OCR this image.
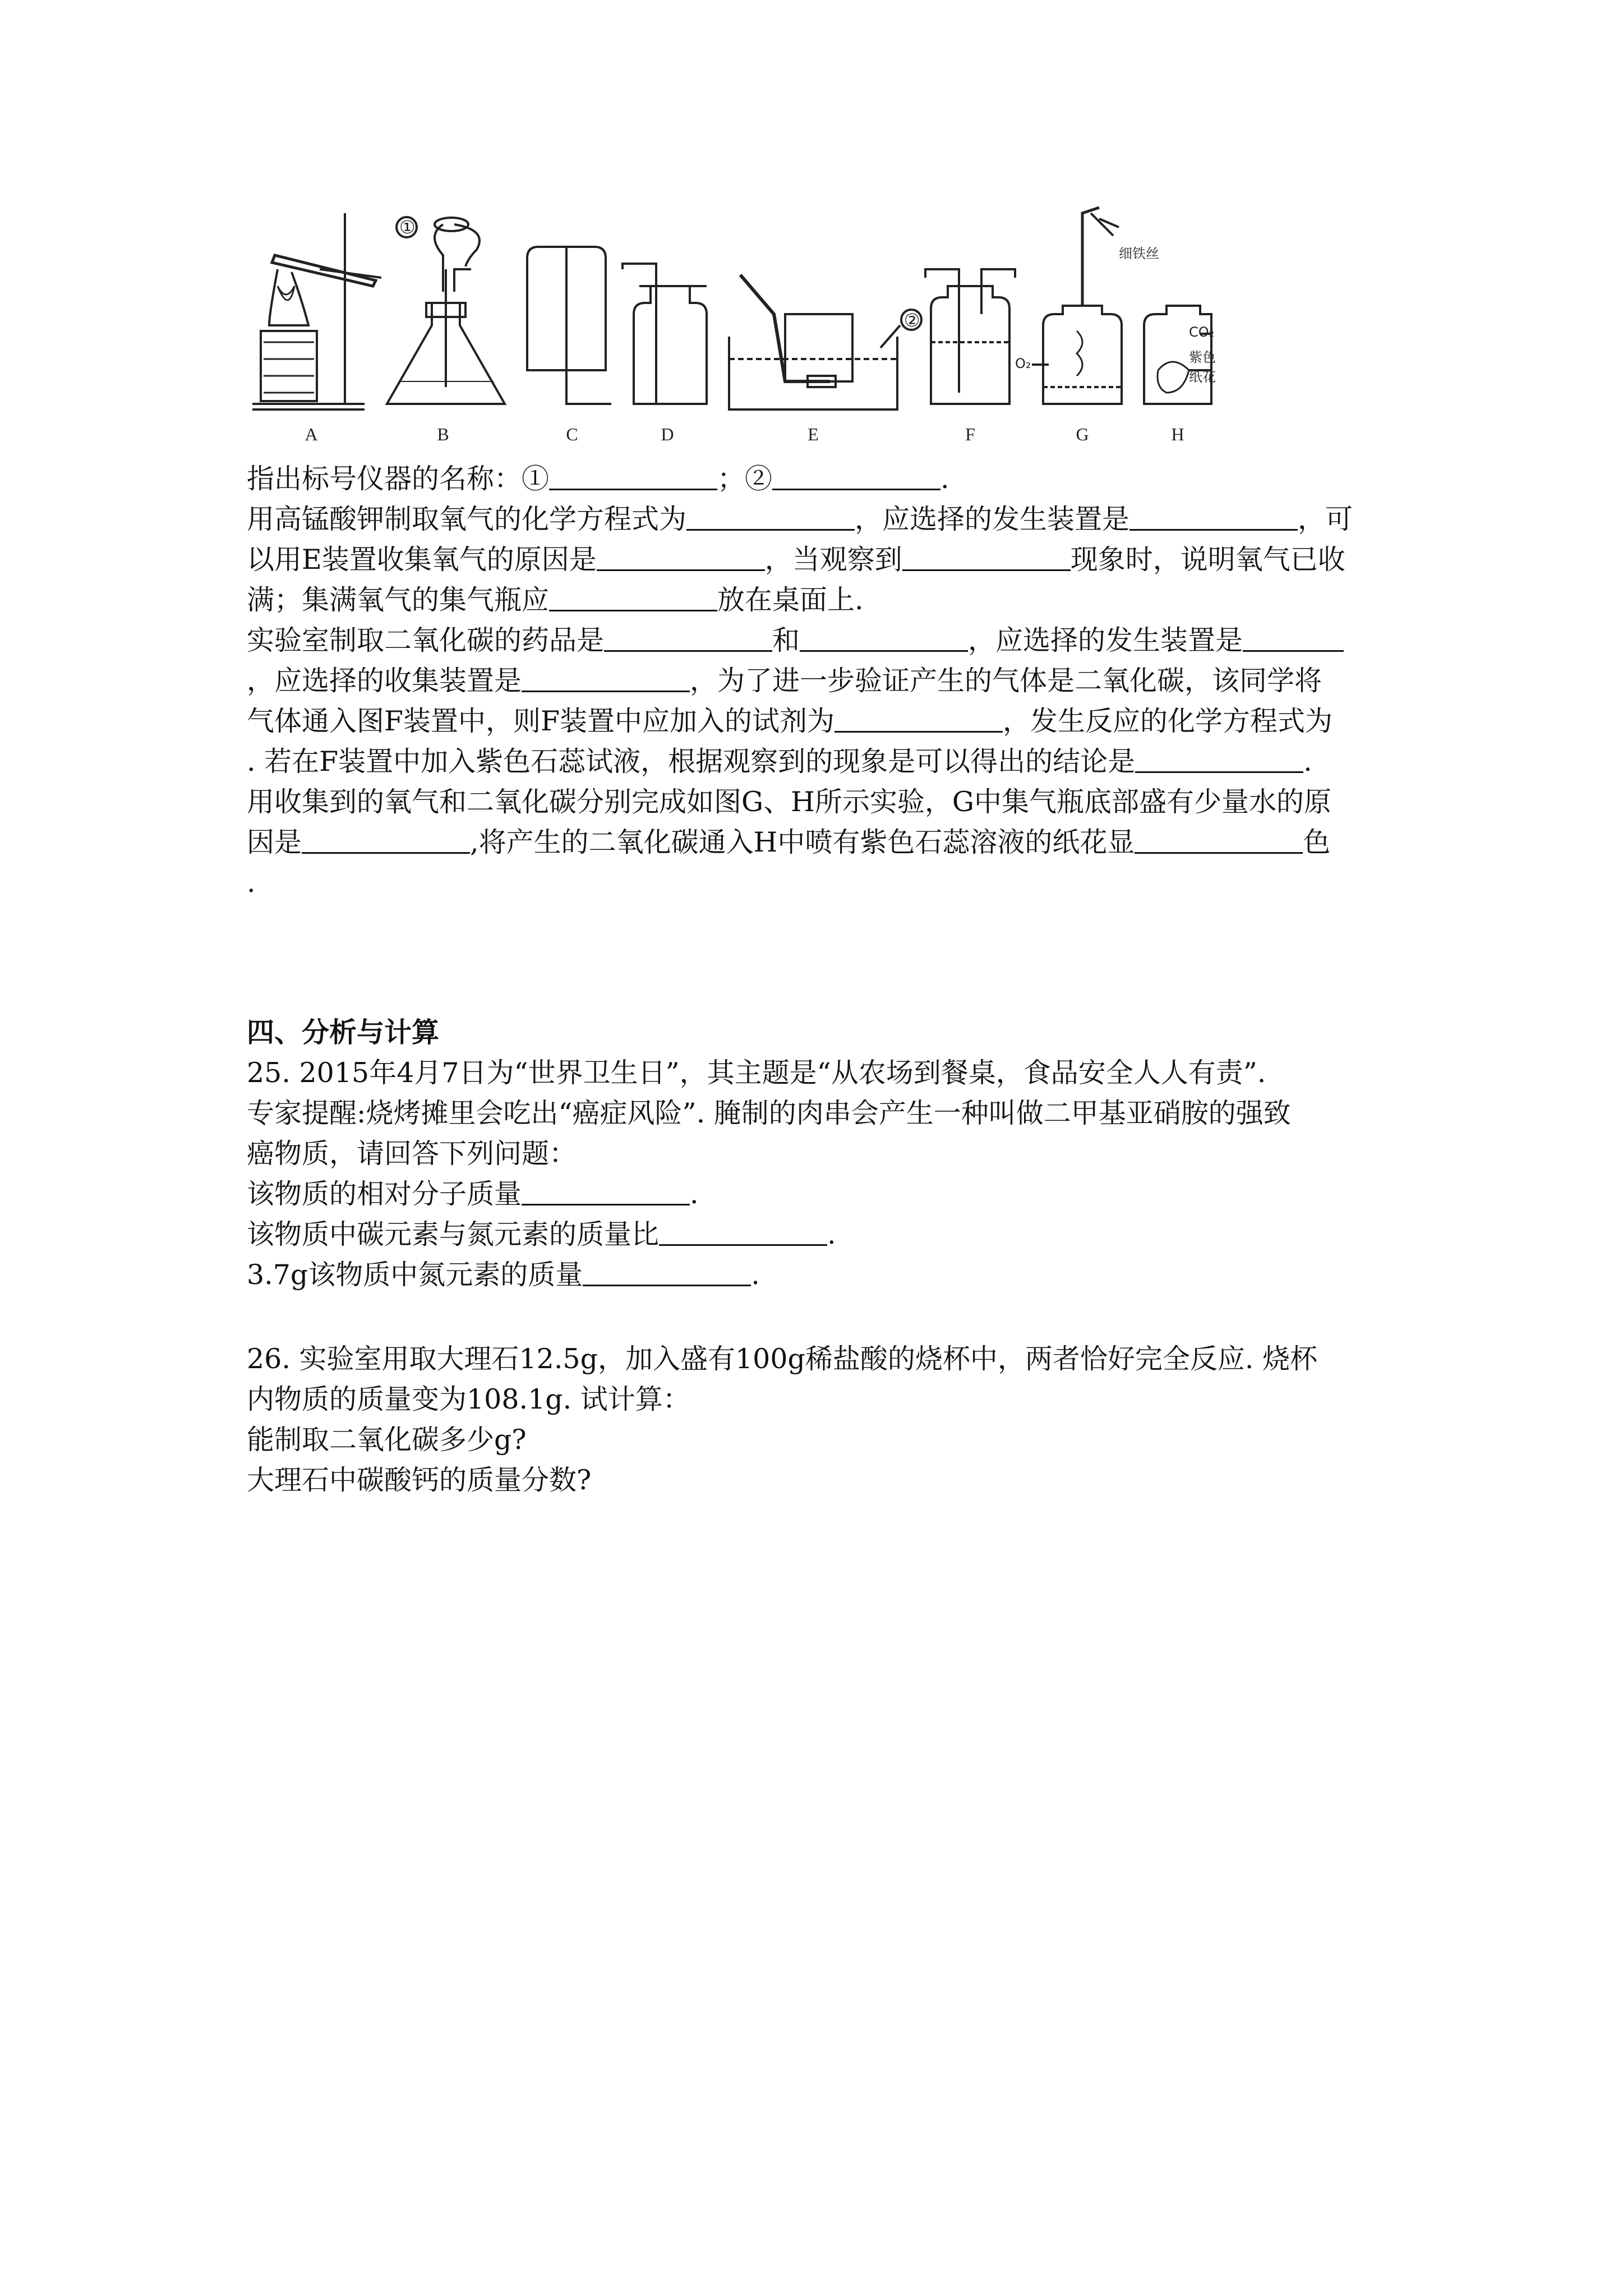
①
②
细铁丝
O₂
CO₂
紫色
纸花
A	B	C	D	E	F	G	H
指出标号仪器的名称：①	；②	.
用高锰酸钾制取氧气的化学方程式为	，应选择的发生装置是	，可
以用E装置收集氧气的原因是	，当观察到	现象时，说明氧气已收
满；集满氧气的集气瓶应	放在桌面上.
实验室制取二氧化碳的药品是	和	，应选择的发生装置是
，应选择的收集装置是	，为了进一步验证产生的气体是二氧化碳，该同学将
气体通入图F装置中，则F装置中应加入的试剂为	，发生反应的化学方程式为
. 若在F装置中加入紫色石蕊试液，根据观察到的现象是可以得出的结论是	.
用收集到的氧气和二氧化碳分别完成如图G、H所示实验，G中集气瓶底部盛有少量水的原
因是	,将产生的二氧化碳通入H中喷有紫色石蕊溶液的纸花显	色
.
四、分析与计算
25. 2015年4月7日为“世界卫生日”，其主题是“从农场到餐桌，食品安全人人有责”.
专家提醒:烧烤摊里会吃出“癌症风险”. 腌制的肉串会产生一种叫做二甲基亚硝胺的强致
癌物质，请回答下列问题：
该物质的相对分子质量	.
该物质中碳元素与氮元素的质量比	.
3.7g该物质中氮元素的质量	.
26. 实验室用取大理石12.5g，加入盛有100g稀盐酸的烧杯中，两者恰好完全反应. 烧杯
内物质的质量变为108.1g. 试计算：
能制取二氧化碳多少g?
大理石中碳酸钙的质量分数?
